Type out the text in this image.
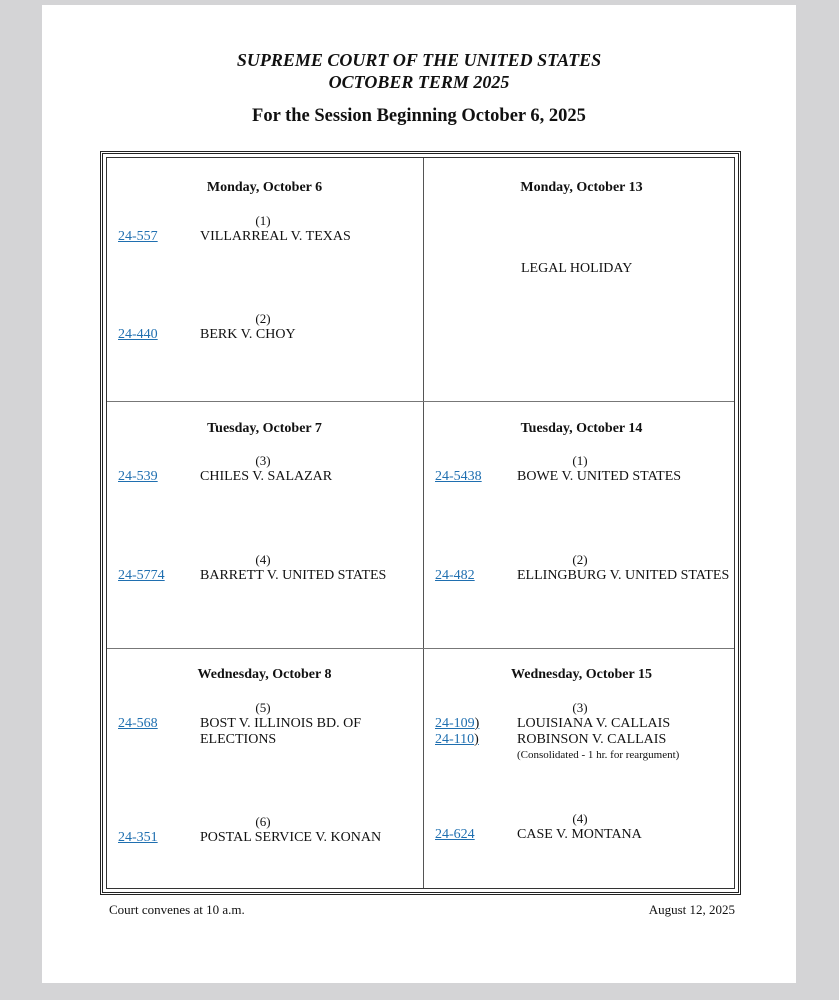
SUPREME COURT OF THE UNITED STATES
OCTOBER TERM 2025
For the Session Beginning October 6, 2025
Monday, October 6
(1)
24-557	VILLARREAL V. TEXAS
(2)
24-440	BERK V. CHOY
Monday, October 13
LEGAL HOLIDAY
Tuesday, October 7
(3)
24-539	CHILES V. SALAZAR
(4)
24-5774	BARRETT V. UNITED STATES
Tuesday, October 14
(1)
24-5438	BOWE V. UNITED STATES
(2)
24-482	ELLINGBURG V. UNITED STATES
Wednesday, October 8
(5)
24-568	BOST V. ILLINOIS BD. OF ELECTIONS
(6)
24-351	POSTAL SERVICE V. KONAN
Wednesday, October 15
(3)
24-109)	LOUISIANA V. CALLAIS
24-110)	ROBINSON V. CALLAIS
(Consolidated - 1 hr. for reargument)
(4)
24-624	CASE V. MONTANA
Court convenes at 10 a.m.	August 12, 2025
